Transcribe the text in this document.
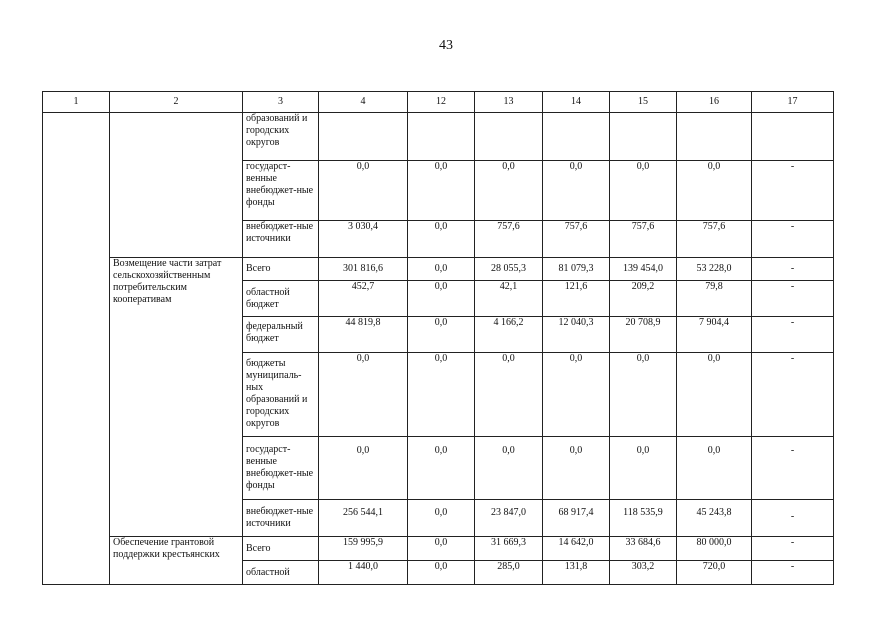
43
1	2	3	4	12	13	14	15	16	17
		образований и городских округов							
		государст-венные внебюджет-ные фонды	0,0	0,0	0,0	0,0	0,0	0,0	-
		внебюджет-ные источники	3 030,4	0,0	757,6	757,6	757,6	757,6	-
	Возмещение части затрат сельскохозяйственным потребительским кооперативам	Всего	301 816,6	0,0	28 055,3	81 079,3	139 454,0	53 228,0	-
		областной бюджет	452,7	0,0	42,1	121,6	209,2	79,8	-
		федеральный бюджет	44 819,8	0,0	4 166,2	12 040,3	20 708,9	7 904,4	-
		бюджеты муниципаль-ных образований и городских округов	0,0	0,0	0,0	0,0	0,0	0,0	-
		государст-венные внебюджет-ные фонды	0,0	0,0	0,0	0,0	0,0	0,0	-
		внебюджет-ные источники	256 544,1	0,0	23 847,0	68 917,4	118 535,9	45 243,8	-
	Обеспечение грантовой поддержки крестьянских	Всего	159 995,9	0,0	31 669,3	14 642,0	33 684,6	80 000,0	-
		областной	1 440,0	0,0	285,0	131,8	303,2	720,0	-
